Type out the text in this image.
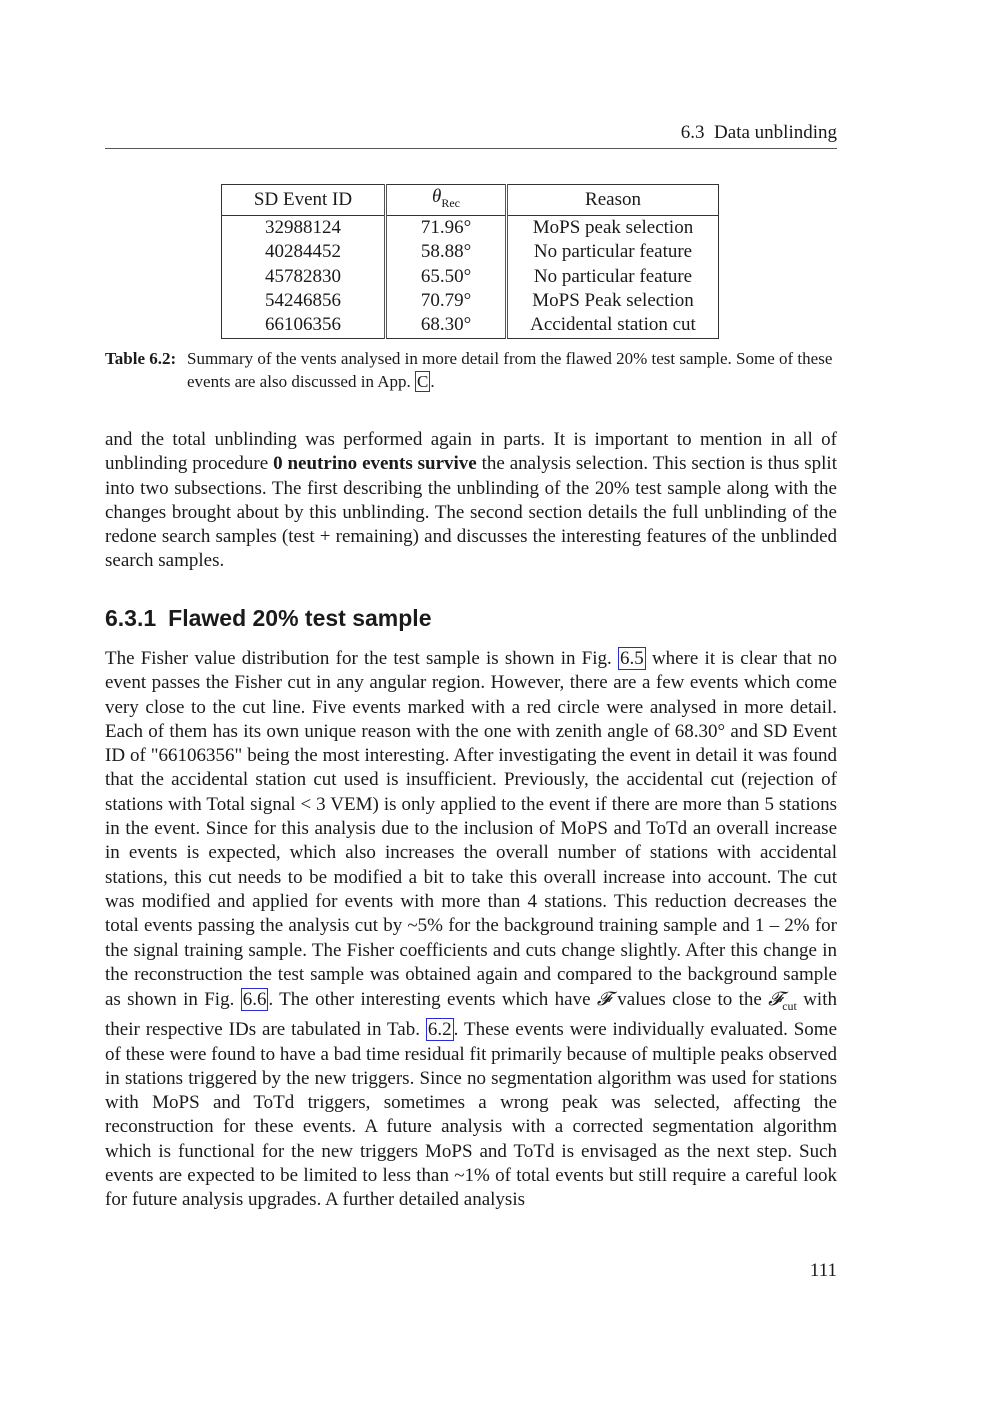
6.3 Data unblinding
SD Event ID	$\theta_{Rec}$	Reason
32988124	71.96°	MoPS peak selection
40284452	58.88°	No particular feature
45782830	65.50°	No particular feature
54246856	70.79°	MoPS Peak selection
66106356	68.30°	Accidental station cut
Table 6.2: Summary of the vents analysed in more detail from the flawed 20% test sample. Some of these events are also discussed in App. C .

and the total unblinding was performed again in parts. It is important to mention in all of unblinding procedure 0 neutrino events survive the analysis selection. This section is thus split into two subsections. The first describing the unblinding of the 20% test sample along with the changes brought about by this unblinding. The second section details the full unblinding of the redone search samples (test + remaining) and discusses the interesting features of the unblinded search samples.

6.3.1 Flawed 20% test sample

The Fisher value distribution for the test sample is shown in Fig. 6.5 where it is clear that no event passes the Fisher cut in any angular region. However, there are a few events which come very close to the cut line. Five events marked with a red circle were analysed in more detail. Each of them has its own unique reason with the one with zenith angle of 68.30° and SD Event ID of "66106356" being the most interesting. After investigating the event in detail it was found that the accidental station cut used is insufficient. Previously, the accidental cut (rejection of stations with Total signal < 3 VEM) is only applied to the event if there are more than 5 stations in the event. Since for this analysis due to the inclusion of MoPS and ToTd an overall increase in events is expected, which also increases the overall number of stations with accidental stations, this cut needs to be modified a bit to take this overall increase into account. The cut was modified and applied for events with more than 4 stations. This reduction decreases the total events passing the analysis cut by ~5% for the background training sample and 1 – 2% for the signal training sample. The Fisher coefficients and cuts change slightly. After this change in the reconstruction the test sample was obtained again and compared to the background sample as shown in Fig. 6.6 . The other interesting events which have 𝓕 values close to the 𝓕$_{cut}$ with their respective IDs are tabulated in Tab. 6.2 . These events were individually evaluated. Some of these were found to have a bad time residual fit primarily because of multiple peaks observed in stations triggered by the new triggers. Since no segmentation algorithm was used for stations with MoPS and ToTd triggers, sometimes a wrong peak was selected, affecting the reconstruction for these events. A future analysis with a corrected segmentation algorithm which is functional for the new triggers MoPS and ToTd is envisaged as the next step. Such events are expected to be limited to less than ~1% of total events but still require a careful look for future analysis upgrades. A further detailed analysis

111
